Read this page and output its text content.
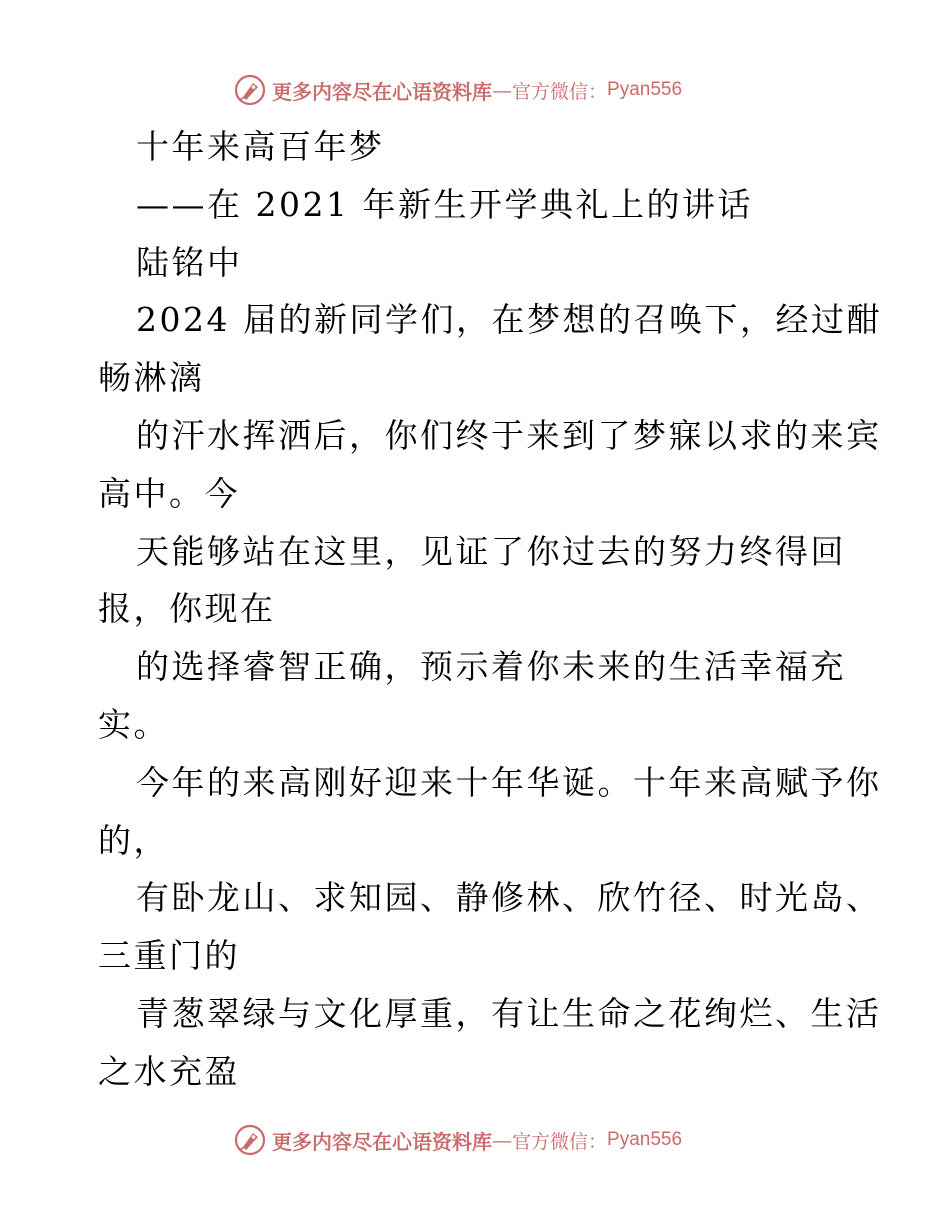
更多内容尽在心语资料库 — 官方微信： Pyan556
十年来高百年梦
——在 2021 年新生开学典礼上的讲话
陆铭中
2024 届的新同学们，在梦想的召唤下，经过酣
畅淋漓
的汗水挥洒后，你们终于来到了梦寐以求的来宾
高中。今
天能够站在这里，见证了你过去的努力终得回
报，你现在
的选择睿智正确，预示着你未来的生活幸福充
实。
今年的来高刚好迎来十年华诞。十年来高赋予你
的，
有卧龙山、求知园、静修林、欣竹径、时光岛、
三重门的
青葱翠绿与文化厚重，有让生命之花绚烂、生活
之水充盈
更多内容尽在心语资料库 — 官方微信： Pyan556
